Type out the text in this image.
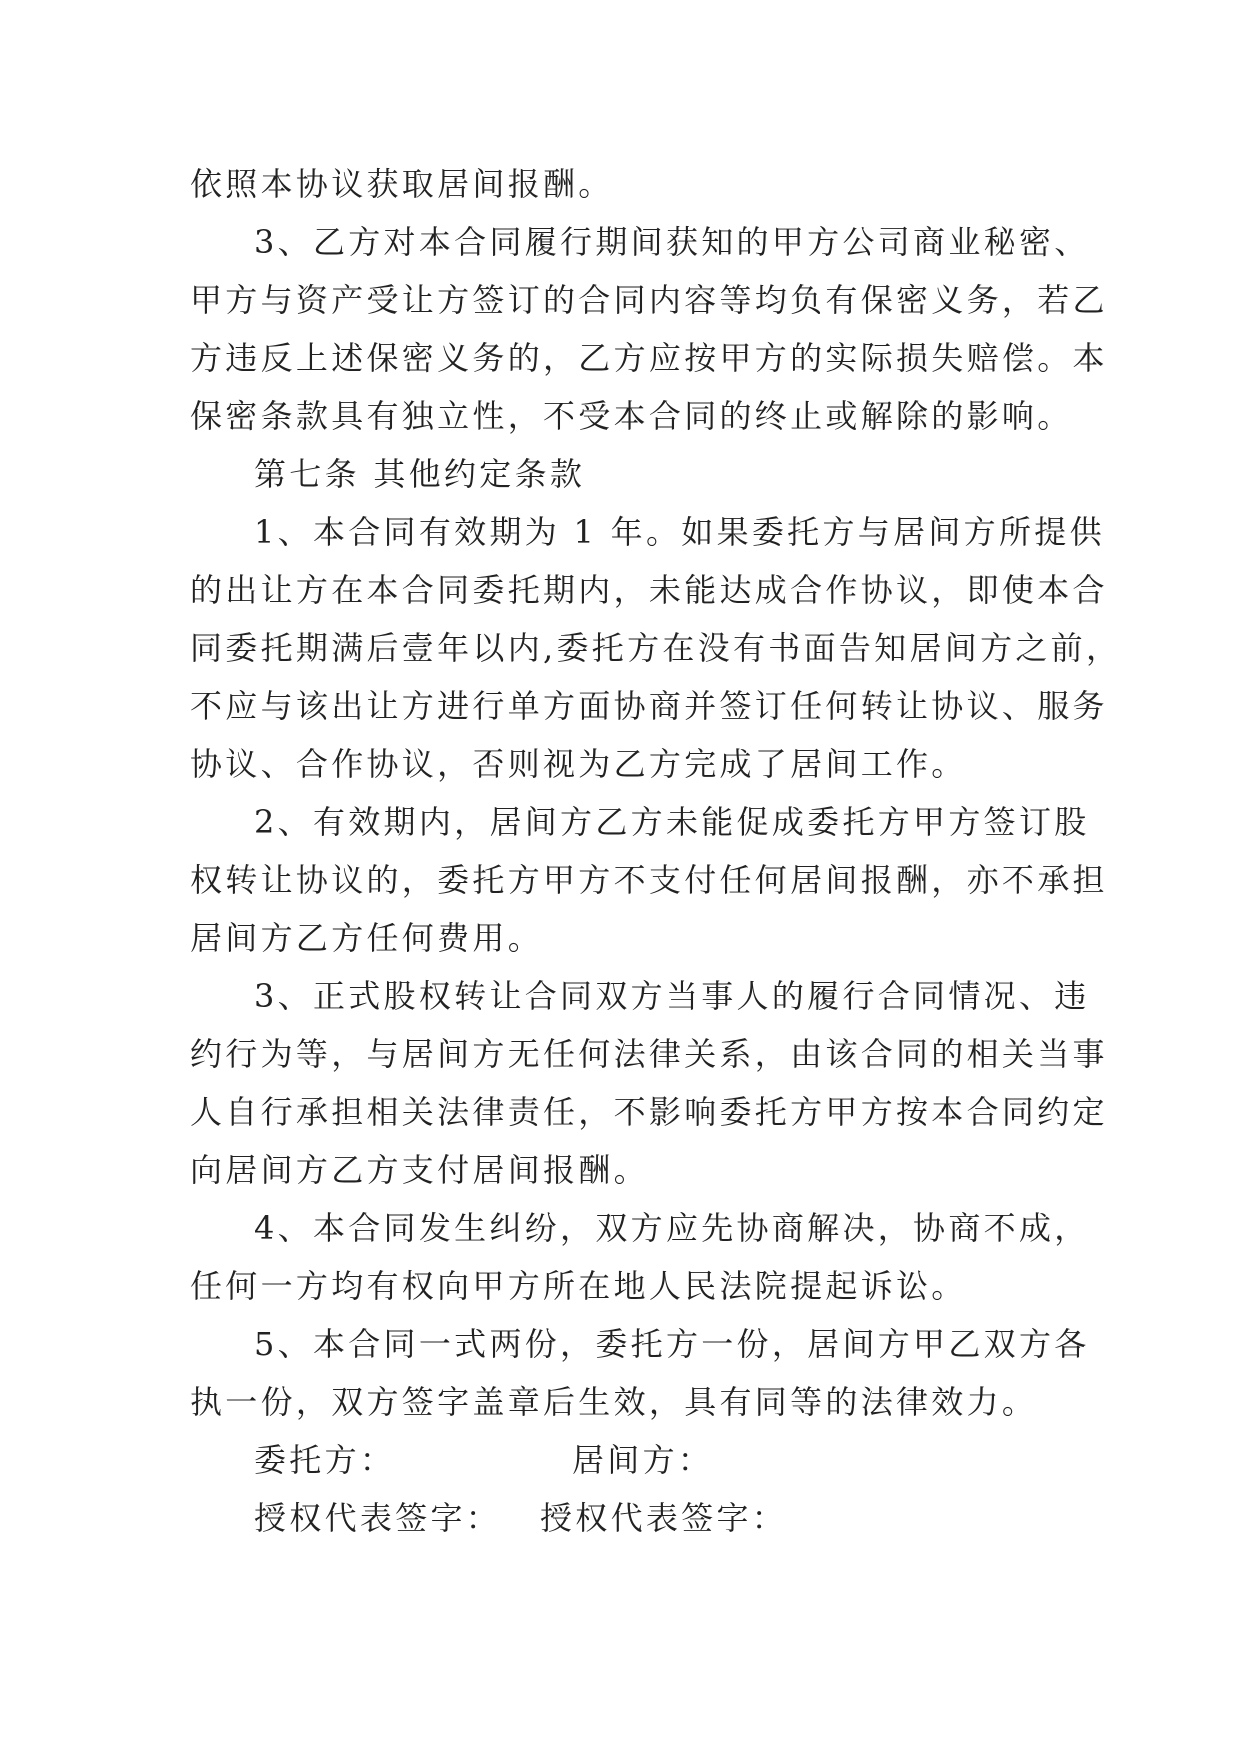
依照本协议获取居间报酬。
3、乙方对本合同履行期间获知的甲方公司商业秘密、
甲方与资产受让方签订的合同内容等均负有保密义务，若乙
方违反上述保密义务的，乙方应按甲方的实际损失赔偿。本
保密条款具有独立性，不受本合同的终止或解除的影响。
第七条 其他约定条款
1、本合同有效期为 1 年。如果委托方与居间方所提供
的出让方在本合同委托期内，未能达成合作协议，即使本合
同委托期满后壹年以内,委托方在没有书面告知居间方之前，
不应与该出让方进行单方面协商并签订任何转让协议、服务
协议、合作协议，否则视为乙方完成了居间工作。
2、有效期内，居间方乙方未能促成委托方甲方签订股
权转让协议的，委托方甲方不支付任何居间报酬，亦不承担
居间方乙方任何费用。
3、正式股权转让合同双方当事人的履行合同情况、违
约行为等，与居间方无任何法律关系，由该合同的相关当事
人自行承担相关法律责任，不影响委托方甲方按本合同约定
向居间方乙方支付居间报酬。
4、本合同发生纠纷，双方应先协商解决，协商不成，
任何一方均有权向甲方所在地人民法院提起诉讼。
5、本合同一式两份，委托方一份，居间方甲乙双方各
执一份，双方签字盖章后生效，具有同等的法律效力。
委托方：	居间方：
授权代表签字： 授权代表签字：
